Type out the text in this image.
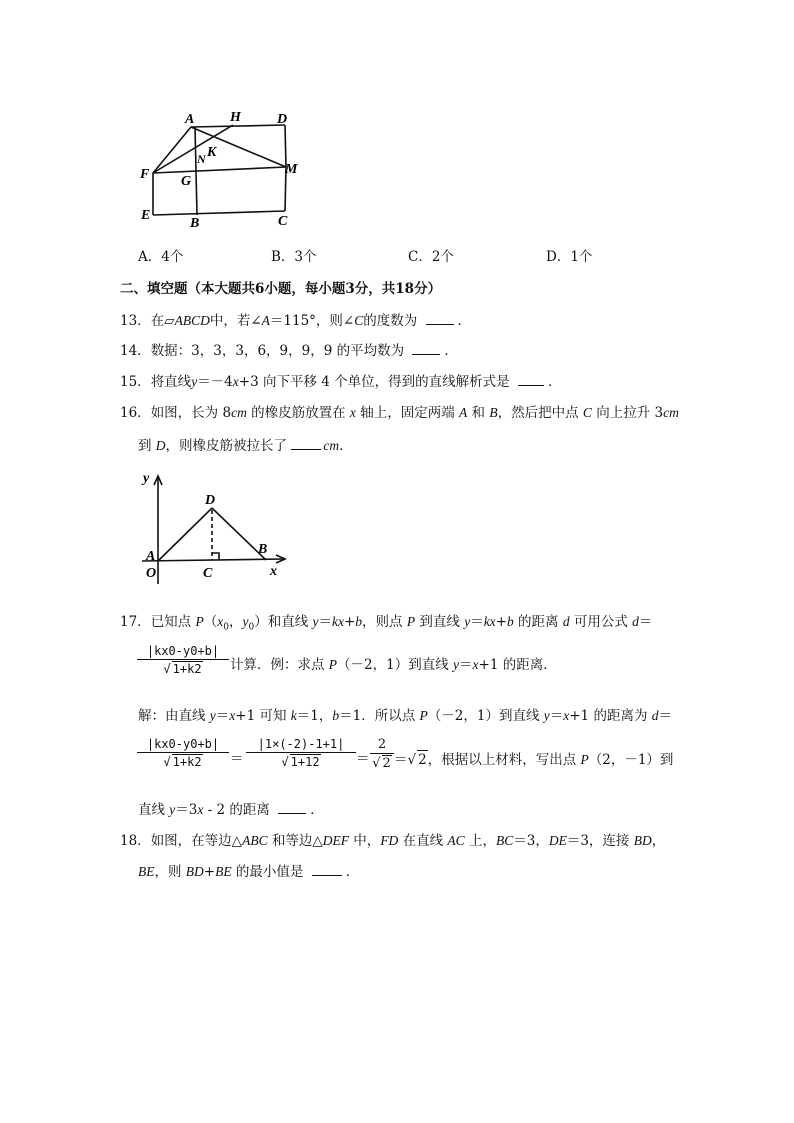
A	H	D
F G
M
N K
E
B	C
A．4个	B．3个	C．2个	D．1个
二、填空题（本大题共6小题，每小题3分，共18分）
13．在▱ABCD中，若∠A＝115°，则∠C的度数为	．
14．数据：3，3，3，6，9，9，9 的平均数为	．
15．将直线y＝－4x+3 向下平移 4 个单位，得到的直线解析式是	．
16．如图，长为 8cm 的橡皮筋放置在 x 轴上，固定两端 A 和 B，然后把中点 C 向上拉升 3cm
到 D，则橡皮筋被拉长了 cm．
y
D
A
O	C
B
x
17．已知点 $P(x_0$，$y_0$）和直线 y＝kx+b，则点 P 到直线 y＝kx+b 的距离 d 可用公式 d＝
|kx0-y0+b|
√ 1+k2	计算．例：求点 P（－2，1）到直线 y＝x+1 的距离．
解：由直线 y＝x+1 可知 k＝1，b＝1．所以点 P（－2，1）到直线 y＝x+1 的距离为 d＝
|kx0-y0+b|
√ 1+k2	＝
|1×(-2)-1+1|
√ 1+12	＝
2
√ 2 ＝√ 2，根据以上材料，写出点 P（2，－1）到
直线 y＝3x - 2 的距离	．
18．如图，在等边△ABC 和等边△DEF 中，FD 在直线 AC 上，BC＝3，DE＝3，连接 BD，
BE，则 BD+BE 的最小值是	．
